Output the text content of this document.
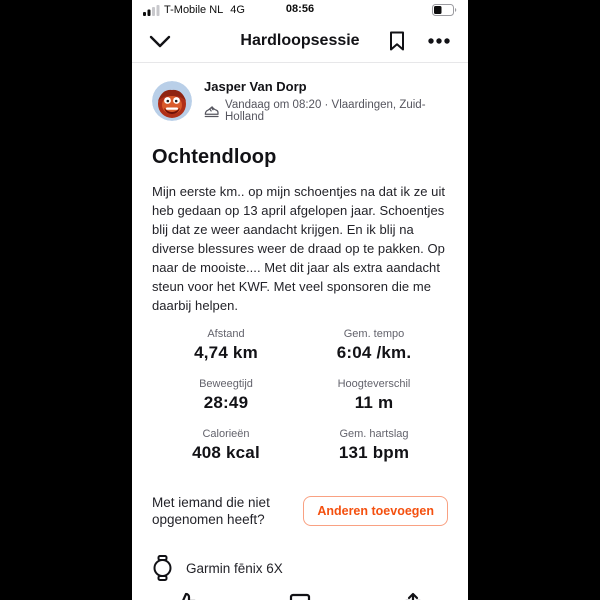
T-Mobile NL 4G	08:56
Hardloopsessie
Jasper Van Dorp
Vandaag om 08:20 · Vlaardingen, Zuid-Holland
Ochtendloop
Mijn eerste km.. op mijn schoentjes na dat ik ze uit heb gedaan op 13 april afgelopen jaar. Schoentjes blij dat ze weer aandacht krijgen. En ik blij na diverse blessures weer de draad op te pakken. Op naar de mooiste.... Met dit jaar als extra aandacht steun voor het KWF. Met veel sponsoren die me daarbij helpen.
Afstand
4,74 km
Gem. tempo
6:04 /km.
Beweegtijd
28:49
Hoogteverschil
11 m
Calorieën
408 kcal
Gem. hartslag
131 bpm
Met iemand die niet opgenomen heeft?
Anderen toevoegen
Garmin fēnix 6X
